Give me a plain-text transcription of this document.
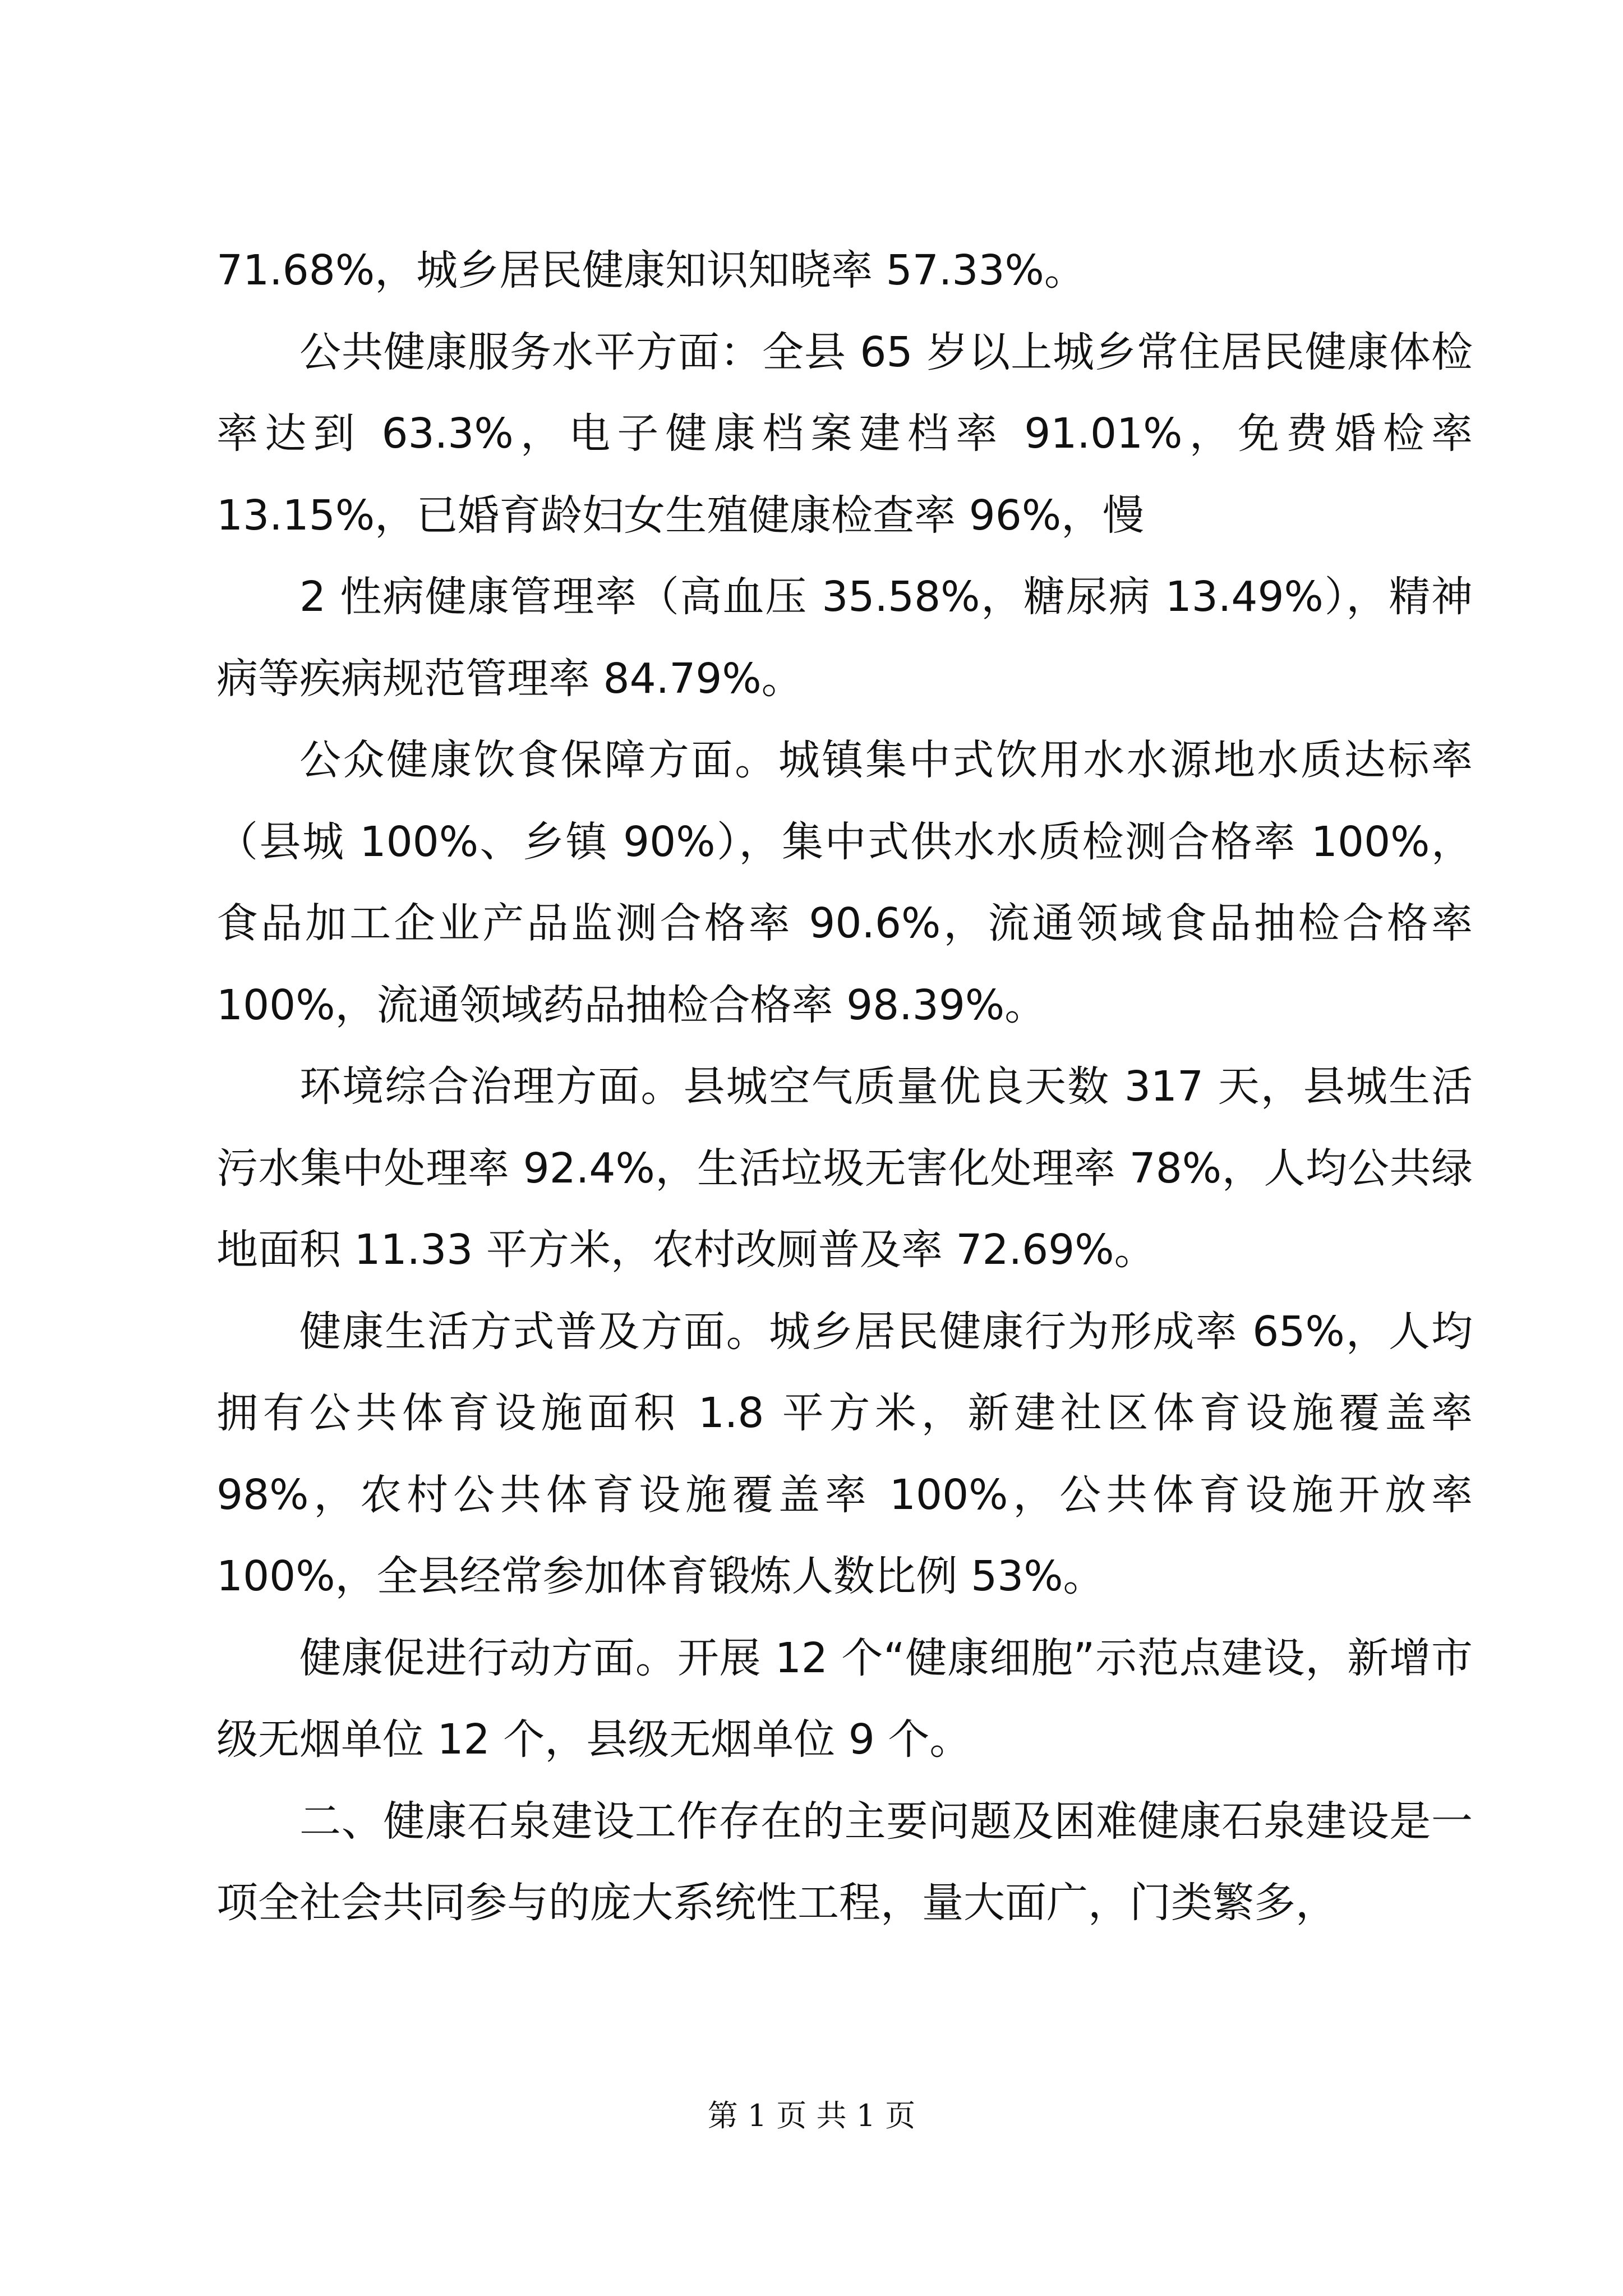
71.68%，城乡居民健康知识知晓率 57.33%。

公共健康服务水平方面：全县 65 岁以上城乡常住居民健康体检率达到 63.3%，电子健康档案建档率 91.01%，免费婚检率 13.15%，已婚育龄妇女生殖健康检查率 96%，慢

2 性病健康管理率（高血压 35.58%，糖尿病 13.49%），精神病等疾病规范管理率 84.79%。

公众健康饮食保障方面。城镇集中式饮用水水源地水质达标率（县城 100%、乡镇 90%），集中式供水水质检测合格率 100%，食品加工企业产品监测合格率 90.6%，流通领域食品抽检合格率 100%，流通领域药品抽检合格率 98.39%。

环境综合治理方面。县城空气质量优良天数 317 天，县城生活污水集中处理率 92.4%，生活垃圾无害化处理率 78%，人均公共绿地面积 11.33 平方米，农村改厕普及率 72.69%。

健康生活方式普及方面。城乡居民健康行为形成率 65%，人均拥有公共体育设施面积 1.8 平方米，新建社区体育设施覆盖率 98%，农村公共体育设施覆盖率 100%，公共体育设施开放率 100%，全县经常参加体育锻炼人数比例 53%。

健康促进行动方面。开展 12 个“健康细胞”示范点建设，新增市级无烟单位 12 个，县级无烟单位 9 个。

二、健康石泉建设工作存在的主要问题及困难健康石泉建设是一项全社会共同参与的庞大系统性工程，量大面广，门类繁多，

第 1 页 共 1 页
